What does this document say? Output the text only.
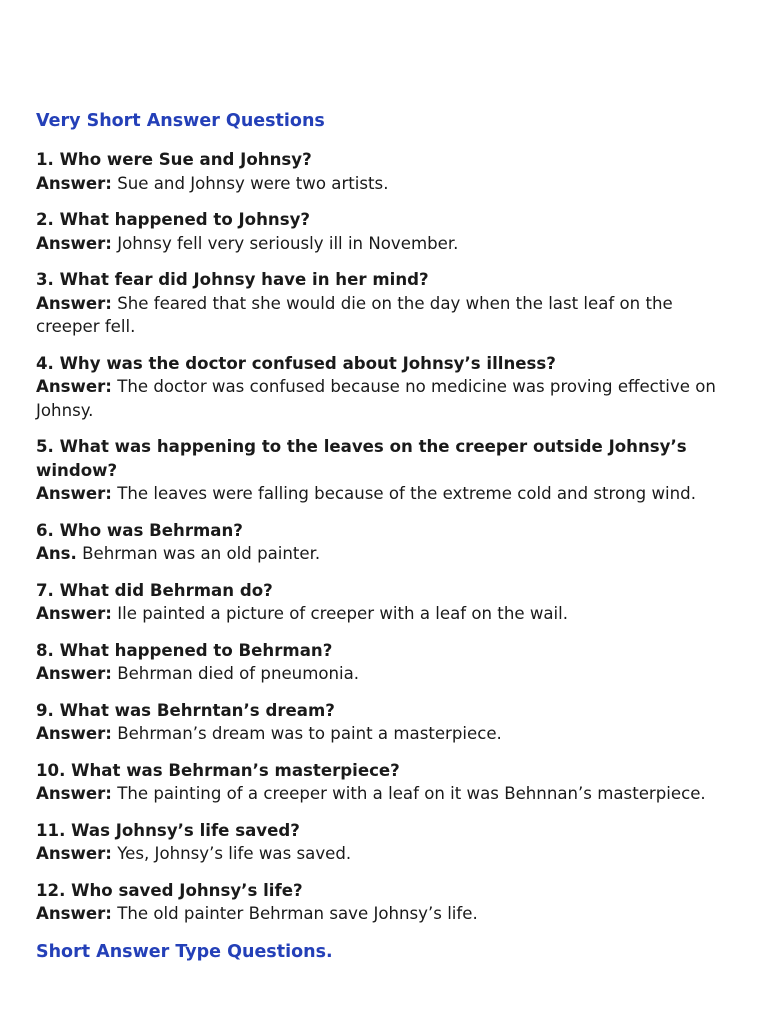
Very Short Answer Questions

1. Who were Sue and Johnsy?

Answer: Sue and Johnsy were two artists.

2. What happened to Johnsy?

Answer: Johnsy fell very seriously ill in November.

3. What fear did Johnsy have in her mind?

Answer: She feared that she would die on the day when the last leaf on the creeper fell.

4. Why was the doctor confused about Johnsy’s illness?

Answer: The doctor was confused because no medicine was proving effective on Johnsy.

5. What was happening to the leaves on the creeper outside Johnsy’s window?

Answer: The leaves were falling because of the extreme cold and strong wind.

6. Who was Behrman?

Ans. Behrman was an old painter.

7. What did Behrman do?

Answer: Ile painted a picture of creeper with a leaf on the wail.

8. What happened to Behrman?

Answer: Behrman died of pneumonia.

9. What was Behrntan’s dream?

Answer: Behrman’s dream was to paint a masterpiece.

10. What was Behrman’s masterpiece?

Answer: The painting of a creeper with a leaf on it was Behnnan’s masterpiece.

11. Was Johnsy’s life saved?

Answer: Yes, Johnsy’s life was saved.

12. Who saved Johnsy’s life?

Answer: The old painter Behrman save Johnsy’s life.

Short Answer Type Questions.
